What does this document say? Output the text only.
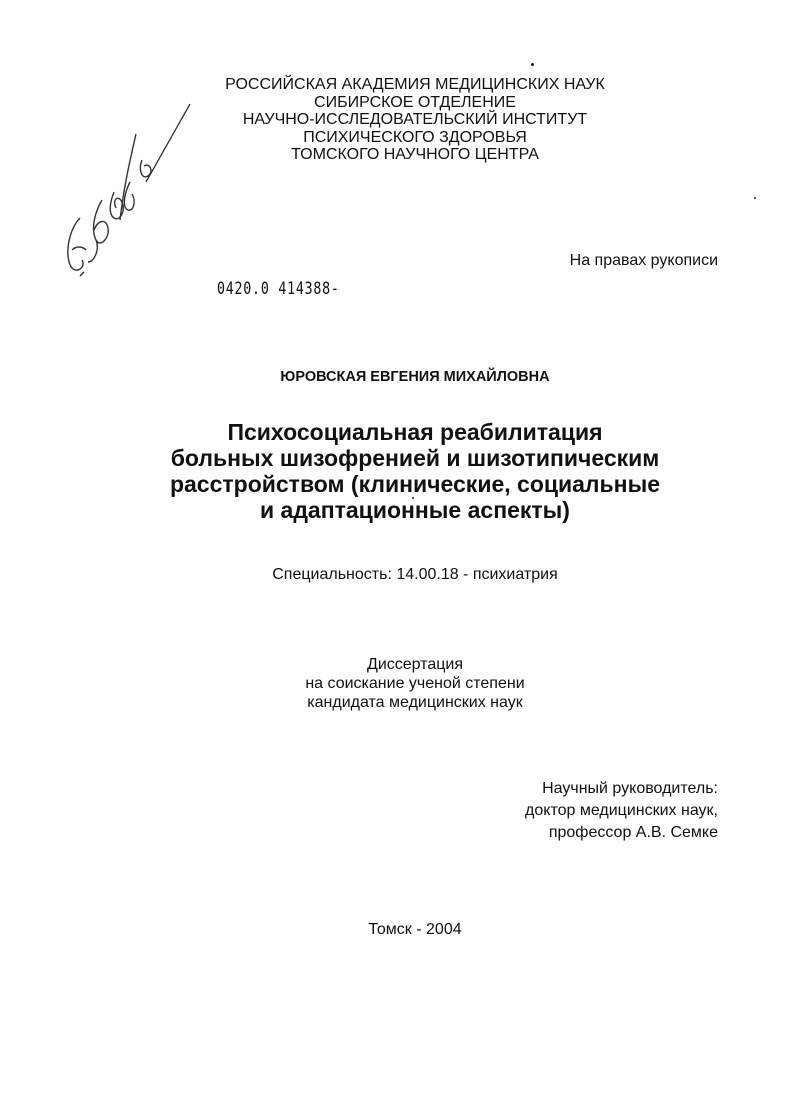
РОССИЙСКАЯ АКАДЕМИЯ МЕДИЦИНСКИХ НАУК
СИБИРСКОЕ ОТДЕЛЕНИЕ
НАУЧНО-ИССЛЕДОВАТЕЛЬСКИЙ ИНСТИТУТ
ПСИХИЧЕСКОГО ЗДОРОВЬЯ
ТОМСКОГО НАУЧНОГО ЦЕНТРА
На правах рукописи
0420.0 414388-
ЮРОВСКАЯ ЕВГЕНИЯ МИХАЙЛОВНА
Психосоциальная реабилитация
больных шизофренией и шизотипическим
расстройством (клинические, социальные
и адаптационные аспекты)
Специальность: 14.00.18 - психиатрия
Диссертация
на соискание ученой степени
кандидата медицинских наук
Научный руководитель:
доктор медицинских наук,
профессор А.В. Семке
Томск - 2004
